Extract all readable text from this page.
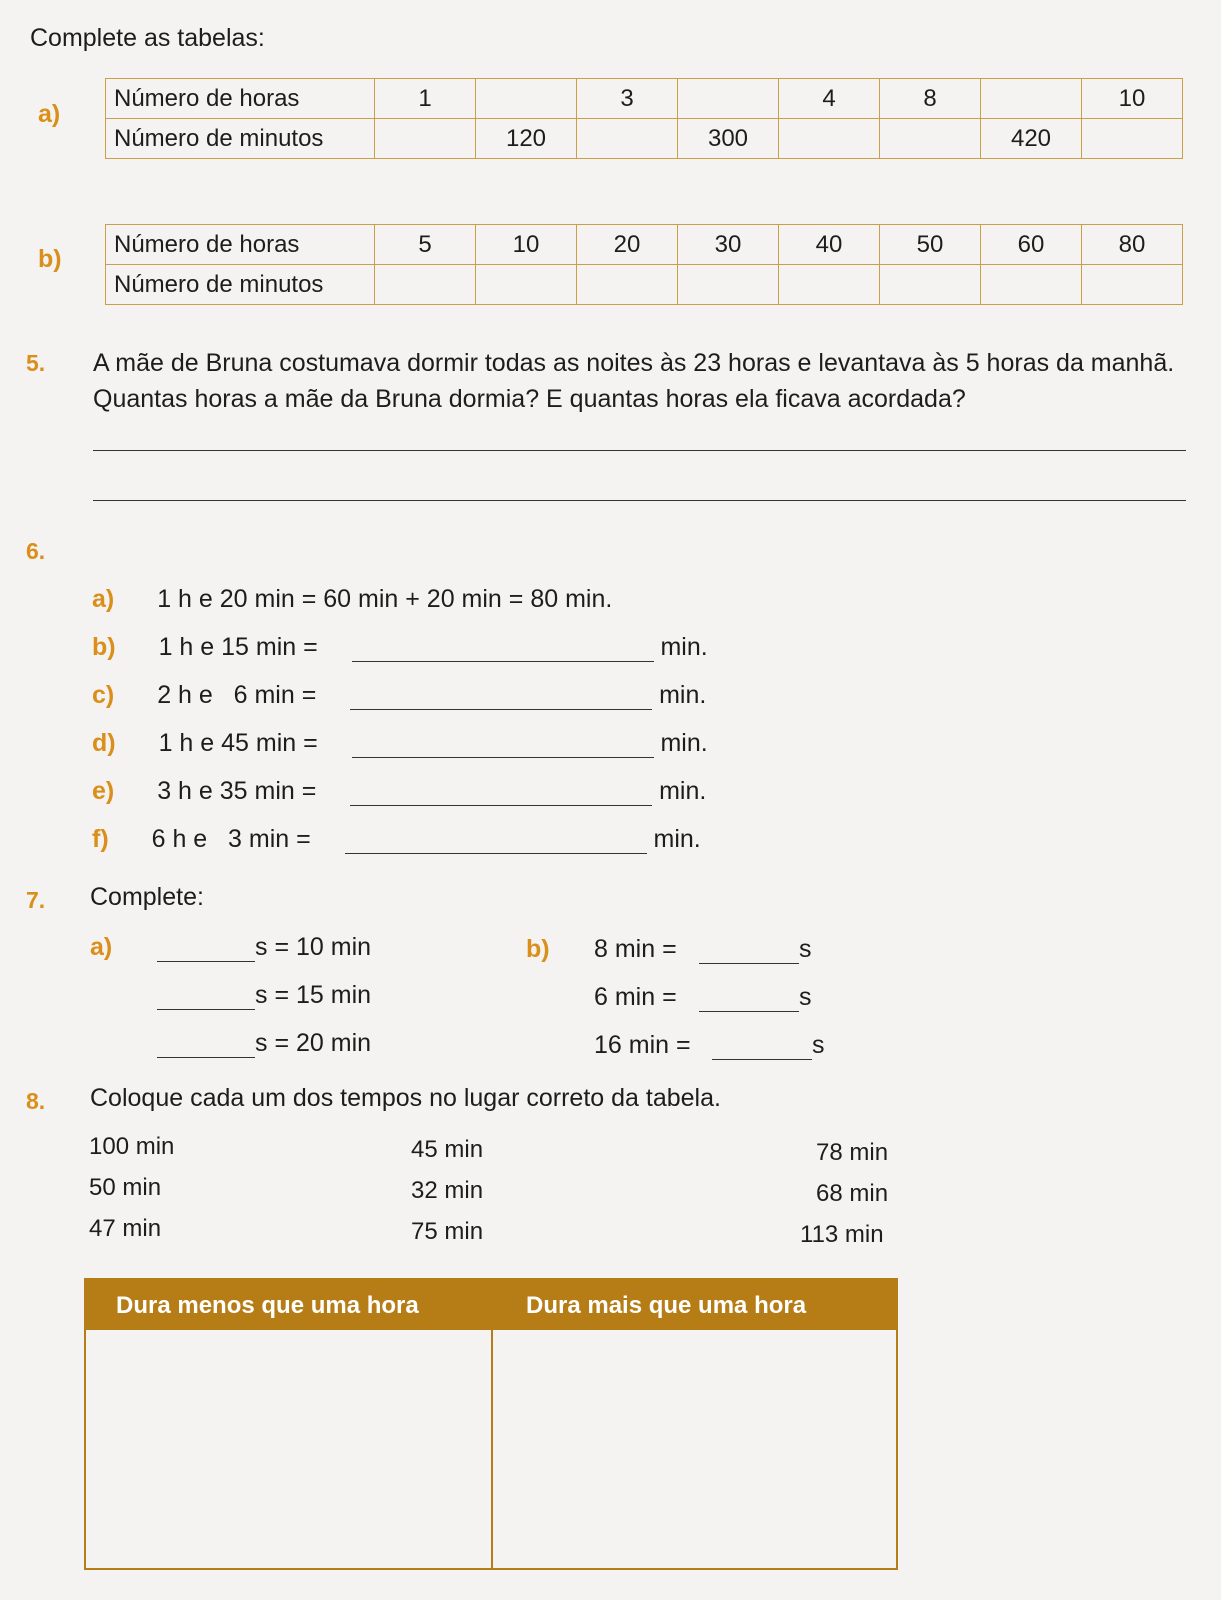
Complete as tabelas:
a)
Número de horas	1		3		4	8		10
Número de minutos		120		300			420	
b)
Número de horas	5	10	20	30	40	50	60	80
Número de minutos								
5. A mãe de Bruna costumava dormir todas as noites às 23 horas e levantava às 5 horas da manhã. Quantas horas a mãe da Bruna dormia? E quantas horas ela ficava acordada?
6.
a) 1 h e 20 min = 60 min + 20 min = 80 min.
b) 1 h e 15 min =	min.
c) 2 h e   6 min =	min.
d) 1 h e 45 min =	min.
e) 3 h e 35 min =	min.
f) 6 h e   3 min =	min.
7. Complete:
a)	s = 10 min
s = 15 min
s = 20 min
b) 8 min =	s
6 min =	s
16 min =	s
8. Coloque cada um dos tempos no lugar correto da tabela.
100 min
50 min
47 min
45 min
32 min
75 min
78 min
68 min
113 min
Dura menos que uma hora	Dura mais que uma hora
